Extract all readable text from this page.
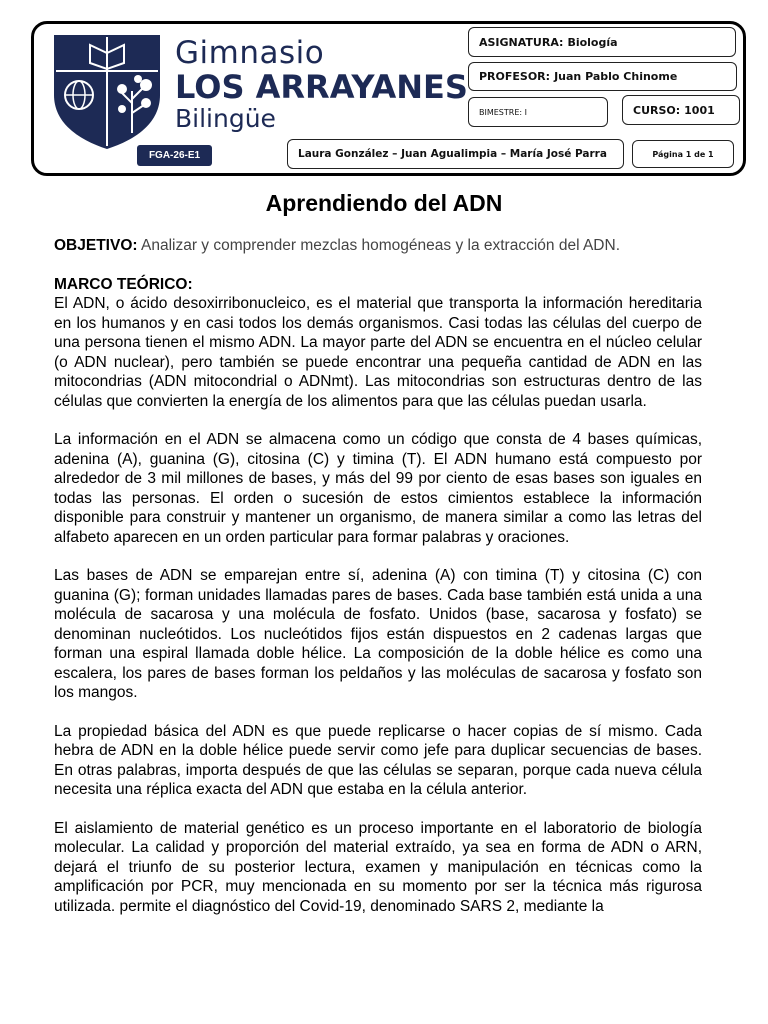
Gimnasio
LOS ARRAYANES
Bilingüe
FGA-26-E1
ASIGNATURA: Biología
PROFESOR: Juan Pablo Chinome
BIMESTRE: I	CURSO: 1001
Laura González – Juan Agualimpia – María José Parra	Página 1 de 1
Aprendiendo del ADN

OBJETIVO: Analizar y comprender mezclas homogéneas y la extracción del ADN.

MARCO TEÓRICO:

El ADN, o ácido desoxirribonucleico, es el material que transporta la información hereditaria en los humanos y en casi todos los demás organismos. Casi todas las células del cuerpo de una persona tienen el mismo ADN. La mayor parte del ADN se encuentra en el núcleo celular (o ADN nuclear), pero también se puede encontrar una pequeña cantidad de ADN en las mitocondrias (ADN mitocondrial o ADNmt). Las mitocondrias son estructuras dentro de las células que convierten la energía de los alimentos para que las células puedan usarla.

La información en el ADN se almacena como un código que consta de 4 bases químicas, adenina (A), guanina (G), citosina (C) y timina (T). El ADN humano está compuesto por alrededor de 3 mil millones de bases, y más del 99 por ciento de esas bases son iguales en todas las personas. El orden o sucesión de estos cimientos establece la información disponible para construir y mantener un organismo, de manera similar a como las letras del alfabeto aparecen en un orden particular para formar palabras y oraciones.

Las bases de ADN se emparejan entre sí, adenina (A) con timina (T) y citosina (C) con guanina (G); forman unidades llamadas pares de bases. Cada base también está unida a una molécula de sacarosa y una molécula de fosfato. Unidos (base, sacarosa y fosfato) se denominan nucleótidos. Los nucleótidos fijos están dispuestos en 2 cadenas largas que forman una espiral llamada doble hélice. La composición de la doble hélice es como una escalera, los pares de bases forman los peldaños y las moléculas de sacarosa y fosfato son los mangos.

La propiedad básica del ADN es que puede replicarse o hacer copias de sí mismo. Cada hebra de ADN en la doble hélice puede servir como jefe para duplicar secuencias de bases. En otras palabras, importa después de que las células se separan, porque cada nueva célula necesita una réplica exacta del ADN que estaba en la célula anterior.

El aislamiento de material genético es un proceso importante en el laboratorio de biología molecular. La calidad y proporción del material extraído, ya sea en forma de ADN o ARN, dejará el triunfo de su posterior lectura, examen y manipulación en técnicas como la amplificación por PCR, muy mencionada en su momento por ser la técnica más rigurosa utilizada. permite el diagnóstico del Covid-19, denominado SARS 2, mediante la
